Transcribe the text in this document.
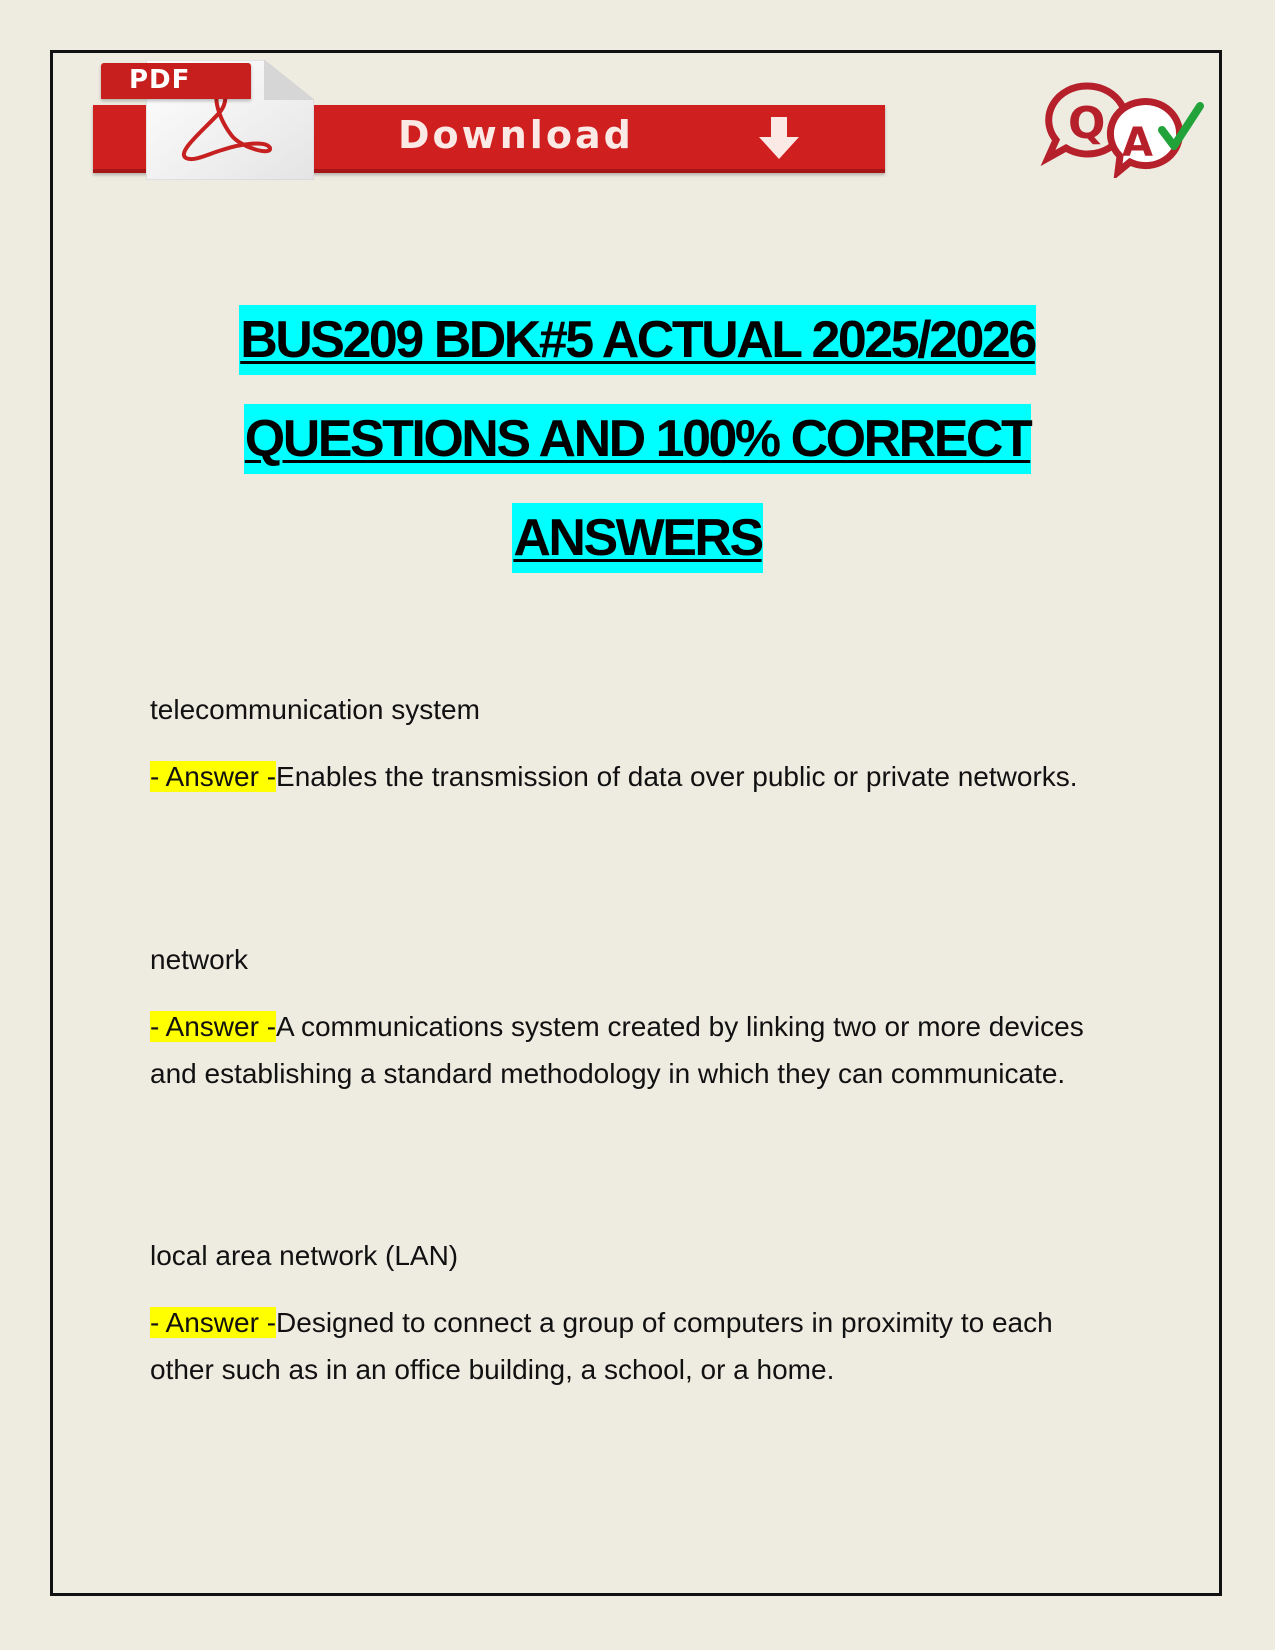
Download
PDF
Q A
BUS209 BDK#5 ACTUAL 2025/2026
QUESTIONS AND 100% CORRECT
ANSWERS

telecommunication system

- Answer -Enables the transmission of data over public or private networks.

network

- Answer -A communications system created by linking two or more devices and establishing a standard methodology in which they can communicate.

local area network (LAN)

- Answer -Designed to connect a group of computers in proximity to each other such as in an office building, a school, or a home.
